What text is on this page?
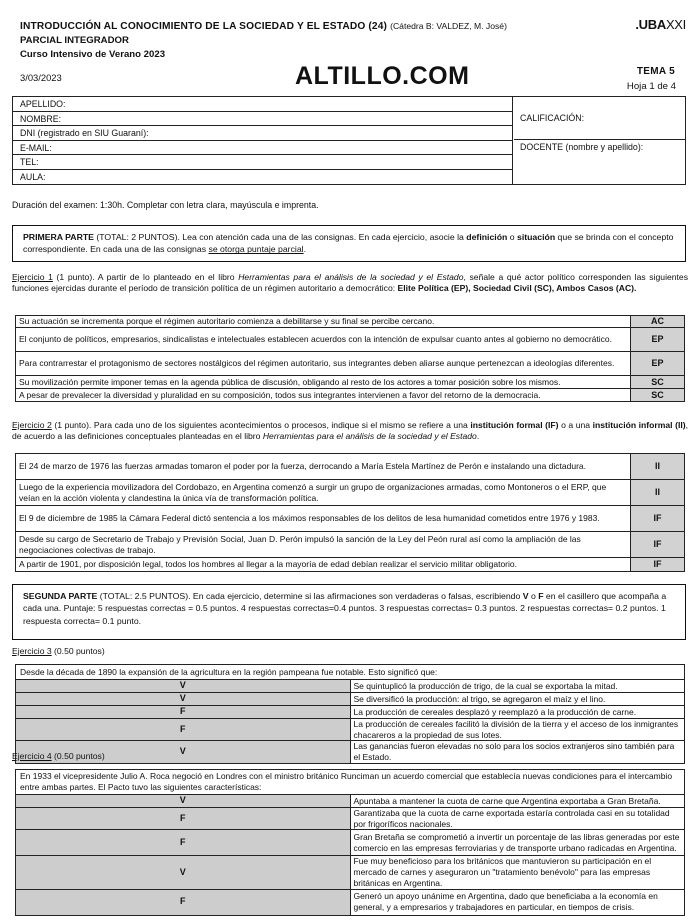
INTRODUCCIÓN AL CONOCIMIENTO DE LA SOCIEDAD Y EL ESTADO (24) (Cátedra B: VALDEZ, M. José)
PARCIAL INTEGRADOR
Curso Intensivo de Verano 2023
3/03/2023
.UBAXXI
ALTILLO.COM	TEMA 5
Hoja 1 de 4
APELLIDO:
NOMBRE:
DNI (registrado en SIU Guaraní):
E-MAIL:
TEL:
AULA:
CALIFICACIÓN:
DOCENTE (nombre y apellido):
Duración del examen: 1:30h. Completar con letra clara, mayúscula e imprenta.
PRIMERA PARTE (TOTAL: 2 PUNTOS). Lea con atención cada una de las consignas. En cada ejercicio, asocie la definición o situación que se brinda con el concepto correspondiente. En cada una de las consignas se otorga puntaje parcial.
Ejercicio 1 (1 punto). A partir de lo planteado en el libro Herramientas para el análisis de la sociedad y el Estado, señale a qué actor político corresponden las siguientes funciones ejercidas durante el período de transición política de un régimen autoritario a democrático: Elite Política (EP), Sociedad Civil (SC), Ambos Casos (AC).
Su actuación se incrementa porque el régimen autoritario comienza a debilitarse y su final se percibe cercano.	AC
El conjunto de políticos, empresarios, sindicalistas e intelectuales establecen acuerdos con la intención de expulsar cuanto antes al gobierno no democrático.	EP
Para contrarrestar el protagonismo de sectores nostálgicos del régimen autoritario, sus integrantes deben aliarse aunque pertenezcan a ideologías diferentes.	EP
Su movilización permite imponer temas en la agenda pública de discusión, obligando al resto de los actores a tomar posición sobre los mismos.	SC
A pesar de prevalecer la diversidad y pluralidad en su composición, todos sus integrantes intervienen a favor del retorno de la democracia.	SC
Ejercicio 2 (1 punto). Para cada uno de los siguientes acontecimientos o procesos, indique si el mismo se refiere a una institución formal (IF) o a una institución informal (II), de acuerdo a las definiciones conceptuales planteadas en el libro Herramientas para el análisis de la sociedad y el Estado.
El 24 de marzo de 1976 las fuerzas armadas tomaron el poder por la fuerza, derrocando a María Estela Martínez de Perón e instalando una dictadura.	II
Luego de la experiencia movilizadora del Cordobazo, en Argentina comenzó a surgir un grupo de organizaciones armadas, como Montoneros o el ERP, que veían en la acción violenta y clandestina la única vía de transformación política.	II
El 9 de diciembre de 1985 la Cámara Federal dictó sentencia a los máximos responsables de los delitos de lesa humanidad cometidos entre 1976 y 1983.	IF
Desde su cargo de Secretario de Trabajo y Previsión Social, Juan D. Perón impulsó la sanción de la Ley del Peón rural así como la ampliación de las negociaciones colectivas de trabajo.	IF
A partir de 1901, por disposición legal, todos los hombres al llegar a la mayoría de edad debían realizar el servicio militar obligatorio.	IF
SEGUNDA PARTE (TOTAL: 2.5 PUNTOS). En cada ejercicio, determine si las afirmaciones son verdaderas o falsas, escribiendo V o F en el casillero que acompaña a cada una. Puntaje: 5 respuestas correctas = 0.5 puntos. 4 respuestas correctas=0.4 puntos. 3 respuestas correctas= 0.3 puntos. 2 respuestas correctas= 0.2 puntos. 1 respuesta correcta= 0.1 punto.
Ejercicio 3 (0.50 puntos)
Desde la década de 1890 la expansión de la agricultura en la región pampeana fue notable. Esto significó que:	
V	Se quintuplicó la producción de trigo, de la cual se exportaba la mitad.
V	Se diversificó la producción: al trigo, se agregaron el maíz y el lino.
F	La producción de cereales desplazó y reemplazó a la producción de carne.
F	La producción de cereales facilitó la división de la tierra y el acceso de los inmigrantes chacareros a la propiedad de sus lotes.
V	Las ganancias fueron elevadas no solo para los socios extranjeros sino también para el Estado.
Ejercicio 4 (0.50 puntos)
En 1933 el vicepresidente Julio A. Roca negoció en Londres con el ministro británico Runciman un acuerdo comercial que establecía nuevas condiciones para el intercambio entre ambas partes. El Pacto tuvo las siguientes características:	
V	Apuntaba a mantener la cuota de carne que Argentina exportaba a Gran Bretaña.
F	Garantizaba que la cuota de carne exportada estaría controlada casi en su totalidad por frigoríficos nacionales.
F	Gran Bretaña se comprometió a invertir un porcentaje de las libras generadas por este comercio en las empresas ferroviarias y de transporte urbano radicadas en Argentina.
V	Fue muy beneficioso para los británicos que mantuvieron su participación en el mercado de carnes y aseguraron un "tratamiento benévolo" para las empresas británicas en Argentina.
F	Generó un apoyo unánime en Argentina, dado que beneficiaba a la economía en general, y a empresarios y trabajadores en particular, en tiempos de crisis.
